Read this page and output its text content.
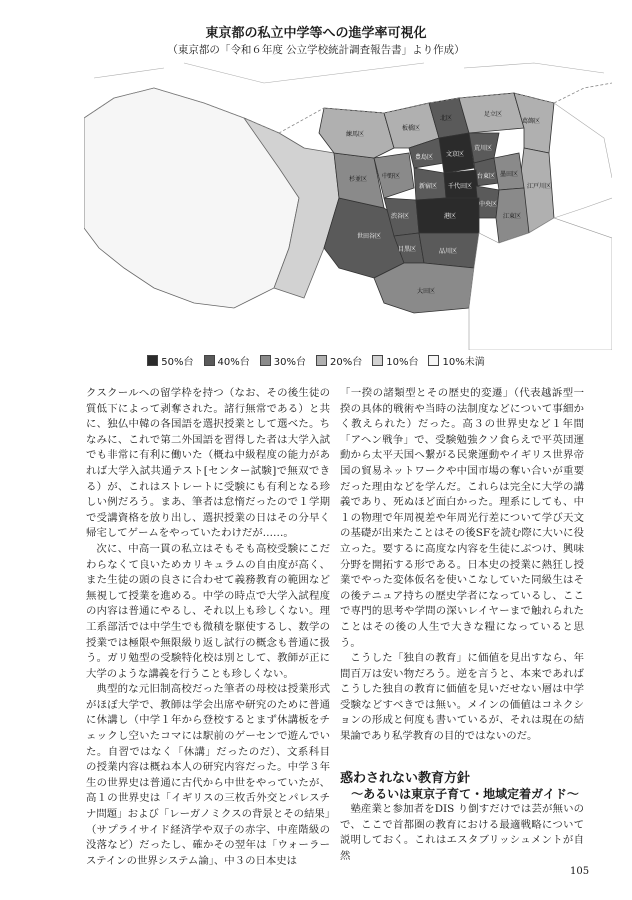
東京都の私立中学等への進学率可視化

（東京都の「令和６年度 公立学校統計調査報告書」より作成）

北区
文京区
豊島区
新宿区 千代田区
中央区
港区
渋谷区
目黒区
世田谷区
杉並区 中野区
練馬区
板橋区
荒川区
台東区 墨田区
江東区
品川区
大田区
足立区
葛飾区
江戸川区
50%台 40%台 30%台 20%台 10%台 10%未満

クスクールへの留学枠を持つ（なお、その後生徒の質低下によって剥奪された。諸行無常である）と共に、独仏中韓の各国語を選択授業として選べた。ちなみに、これで第二外国語を習得した者は大学入試でも非常に有利に働いた（概ね中級程度の能力があれば大学入試共通テスト[センター試験]で無双できる）が、これはストレートに受験にも有利となる珍しい例だろう。まあ、筆者は怠惰だったので１学期で受講資格を放り出し、選択授業の日はその分早く帰宅してゲームをやっていたわけだが……。

次に、中高一貫の私立はそもそも高校受験にこだわらなくて良いためカリキュラムの自由度が高く、また生徒の頭の良さに合わせて義務教育の範囲など無視して授業を進める。中学の時点で大学入試程度の内容は普通にやるし、それ以上も珍しくない。理工系部活では中学生でも微積を駆使するし、数学の授業では極限や無限級り返し試行の概念も普通に扱う。ガリ勉型の受験特化校は別として、教師が正に大学のような講義を行うことも珍しくない。

典型的な元旧制高校だった筆者の母校は授業形式がほぼ大学で、教師は学会出席や研究のために普通に休講し（中学１年から登校するとまず休講板をチェックし空いたコマには駅前のゲーセンで遊んでいた。自習ではなく「休講」だったのだ）、文系科目の授業内容は概ね本人の研究内容だった。中学３年生の世界史は普通に古代から中世をやっていたが、高１の世界史は「イギリスの三枚舌外交とパレスチナ問題」および「レーガノミクスの背景とその結果」（サプライサイド経済学や双子の赤字、中産階級の没落など）だったし、確かその翌年は「ウォーラーステインの世界システム論」、中３の日本史は

「一揆の諸類型とその歴史的変遷」（代表越訴型一揆の具体的戦術や当時の法制度などについて事細かく教えられた）だった。高３の世界史など１年間「アヘン戦争」で、受験勉強クソ食らえで平英団運動から太平天国へ繋がる民衆運動やイギリス世界帝国の貿易ネットワークや中国市場の奪い合いが重要だった理由などを学んだ。これらは完全に大学の講義であり、死ぬほど面白かった。理系にしても、中１の物理で年周視差や年周光行差について学び天文の基礎が出来たことはその後SFを読む際に大いに役立った。要するに高度な内容を生徒にぶつけ、興味分野を開拓する形である。日本史の授業に熱狂し授業でやった変体仮名を使いこなしていた同級生はその後テニュア持ちの歴史学者になっているし、ここで専門的思考や学問の深いレイヤーまで触れられたことはその後の人生で大きな糧になっていると思う。

こうした「独自の教育」に価値を見出すなら、年間百万は安い物だろう。逆を言うと、本来であればこうした独自の教育に価値を見いだせない層は中学受験などすべきでは無い。メインの価値はコネクションの形成と何度も書いているが、それは現在の結果論であり私学教育の目的ではないのだ。

惑わされない教育方針
～あるいは東京子育て・地域定着ガイド～

塾産業と参加者をDIS り倒すだけでは芸が無いので、ここで首都圏の教育における最適戦略について説明しておく。これはエスタブリッシュメントが自然

105
